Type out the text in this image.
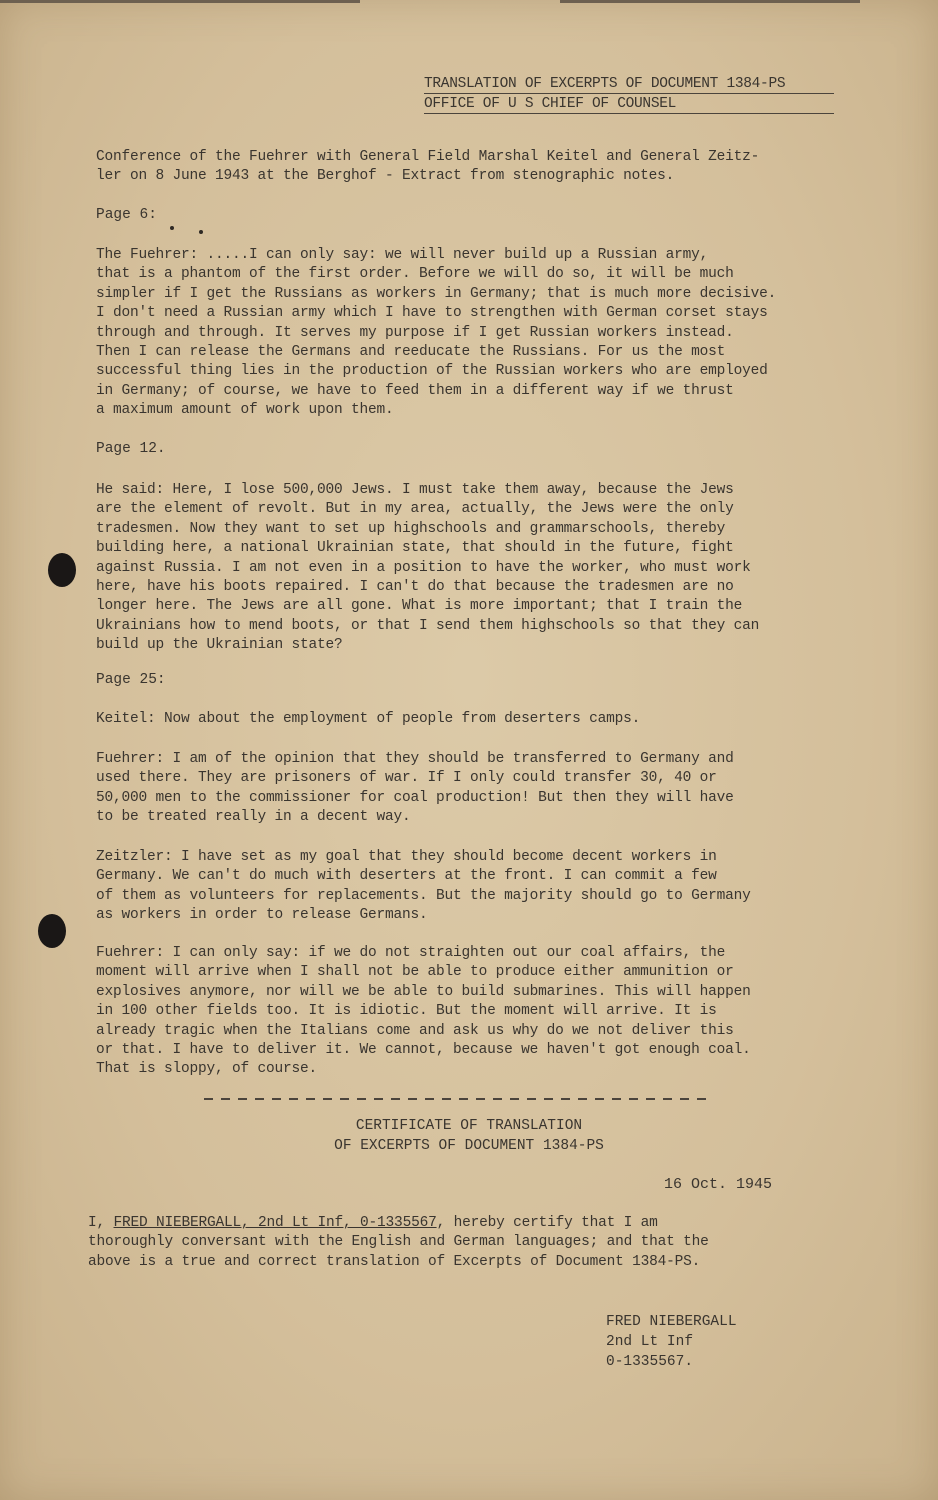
TRANSLATION OF EXCERPTS OF DOCUMENT 1384-PS
OFFICE OF U S CHIEF OF COUNSEL
Conference of the Fuehrer with General Field Marshal Keitel and General Zeitz-
ler on 8 June 1943 at the Berghof - Extract from stenographic notes.
Page 6:
The Fuehrer: .....I can only say: we will never build up a Russian army,
that is a phantom of the first order. Before we will do so, it will be much
simpler if I get the Russians as workers in Germany; that is much more decisive.
I don't need a Russian army which I have to strengthen with German corset stays
through and through. It serves my purpose if I get Russian workers instead.
Then I can release the Germans and reeducate the Russians. For us the most
successful thing lies in the production of the Russian workers who are employed
in Germany; of course, we have to feed them in a different way if we thrust
a maximum amount of work upon them.
Page 12.
He said: Here, I lose 500,000 Jews. I must take them away, because the Jews
are the element of revolt. But in my area, actually, the Jews were the only
tradesmen. Now they want to set up highschools and grammarschools, thereby
building here, a national Ukrainian state, that should in the future, fight
against Russia. I am not even in a position to have the worker, who must work
here, have his boots repaired. I can't do that because the tradesmen are no
longer here. The Jews are all gone. What is more important; that I train the
Ukrainians how to mend boots, or that I send them highschools so that they can
build up the Ukrainian state?
Page 25:
Keitel: Now about the employment of people from deserters camps.
Fuehrer: I am of the opinion that they should be transferred to Germany and
used there. They are prisoners of war. If I only could transfer 30, 40 or
50,000 men to the commissioner for coal production! But then they will have
to be treated really in a decent way.
Zeitzler: I have set as my goal that they should become decent workers in
Germany. We can't do much with deserters at the front. I can commit a few
of them as volunteers for replacements. But the majority should go to Germany
as workers in order to release Germans.
Fuehrer: I can only say: if we do not straighten out our coal affairs, the
moment will arrive when I shall not be able to produce either ammunition or
explosives anymore, nor will we be able to build submarines. This will happen
in 100 other fields too. It is idiotic. But the moment will arrive. It is
already tragic when the Italians come and ask us why do we not deliver this
or that. I have to deliver it. We cannot, because we haven't got enough coal.
That is sloppy, of course.
CERTIFICATE OF TRANSLATION
OF EXCERPTS OF DOCUMENT 1384-PS
16 Oct. 1945
I, FRED NIEBERGALL, 2nd Lt Inf, 0-1335567, hereby certify that I am
thoroughly conversant with the English and German languages; and that the
above is a true and correct translation of Excerpts of Document 1384-PS.
FRED NIEBERGALL
2nd Lt Inf
0-1335567.
